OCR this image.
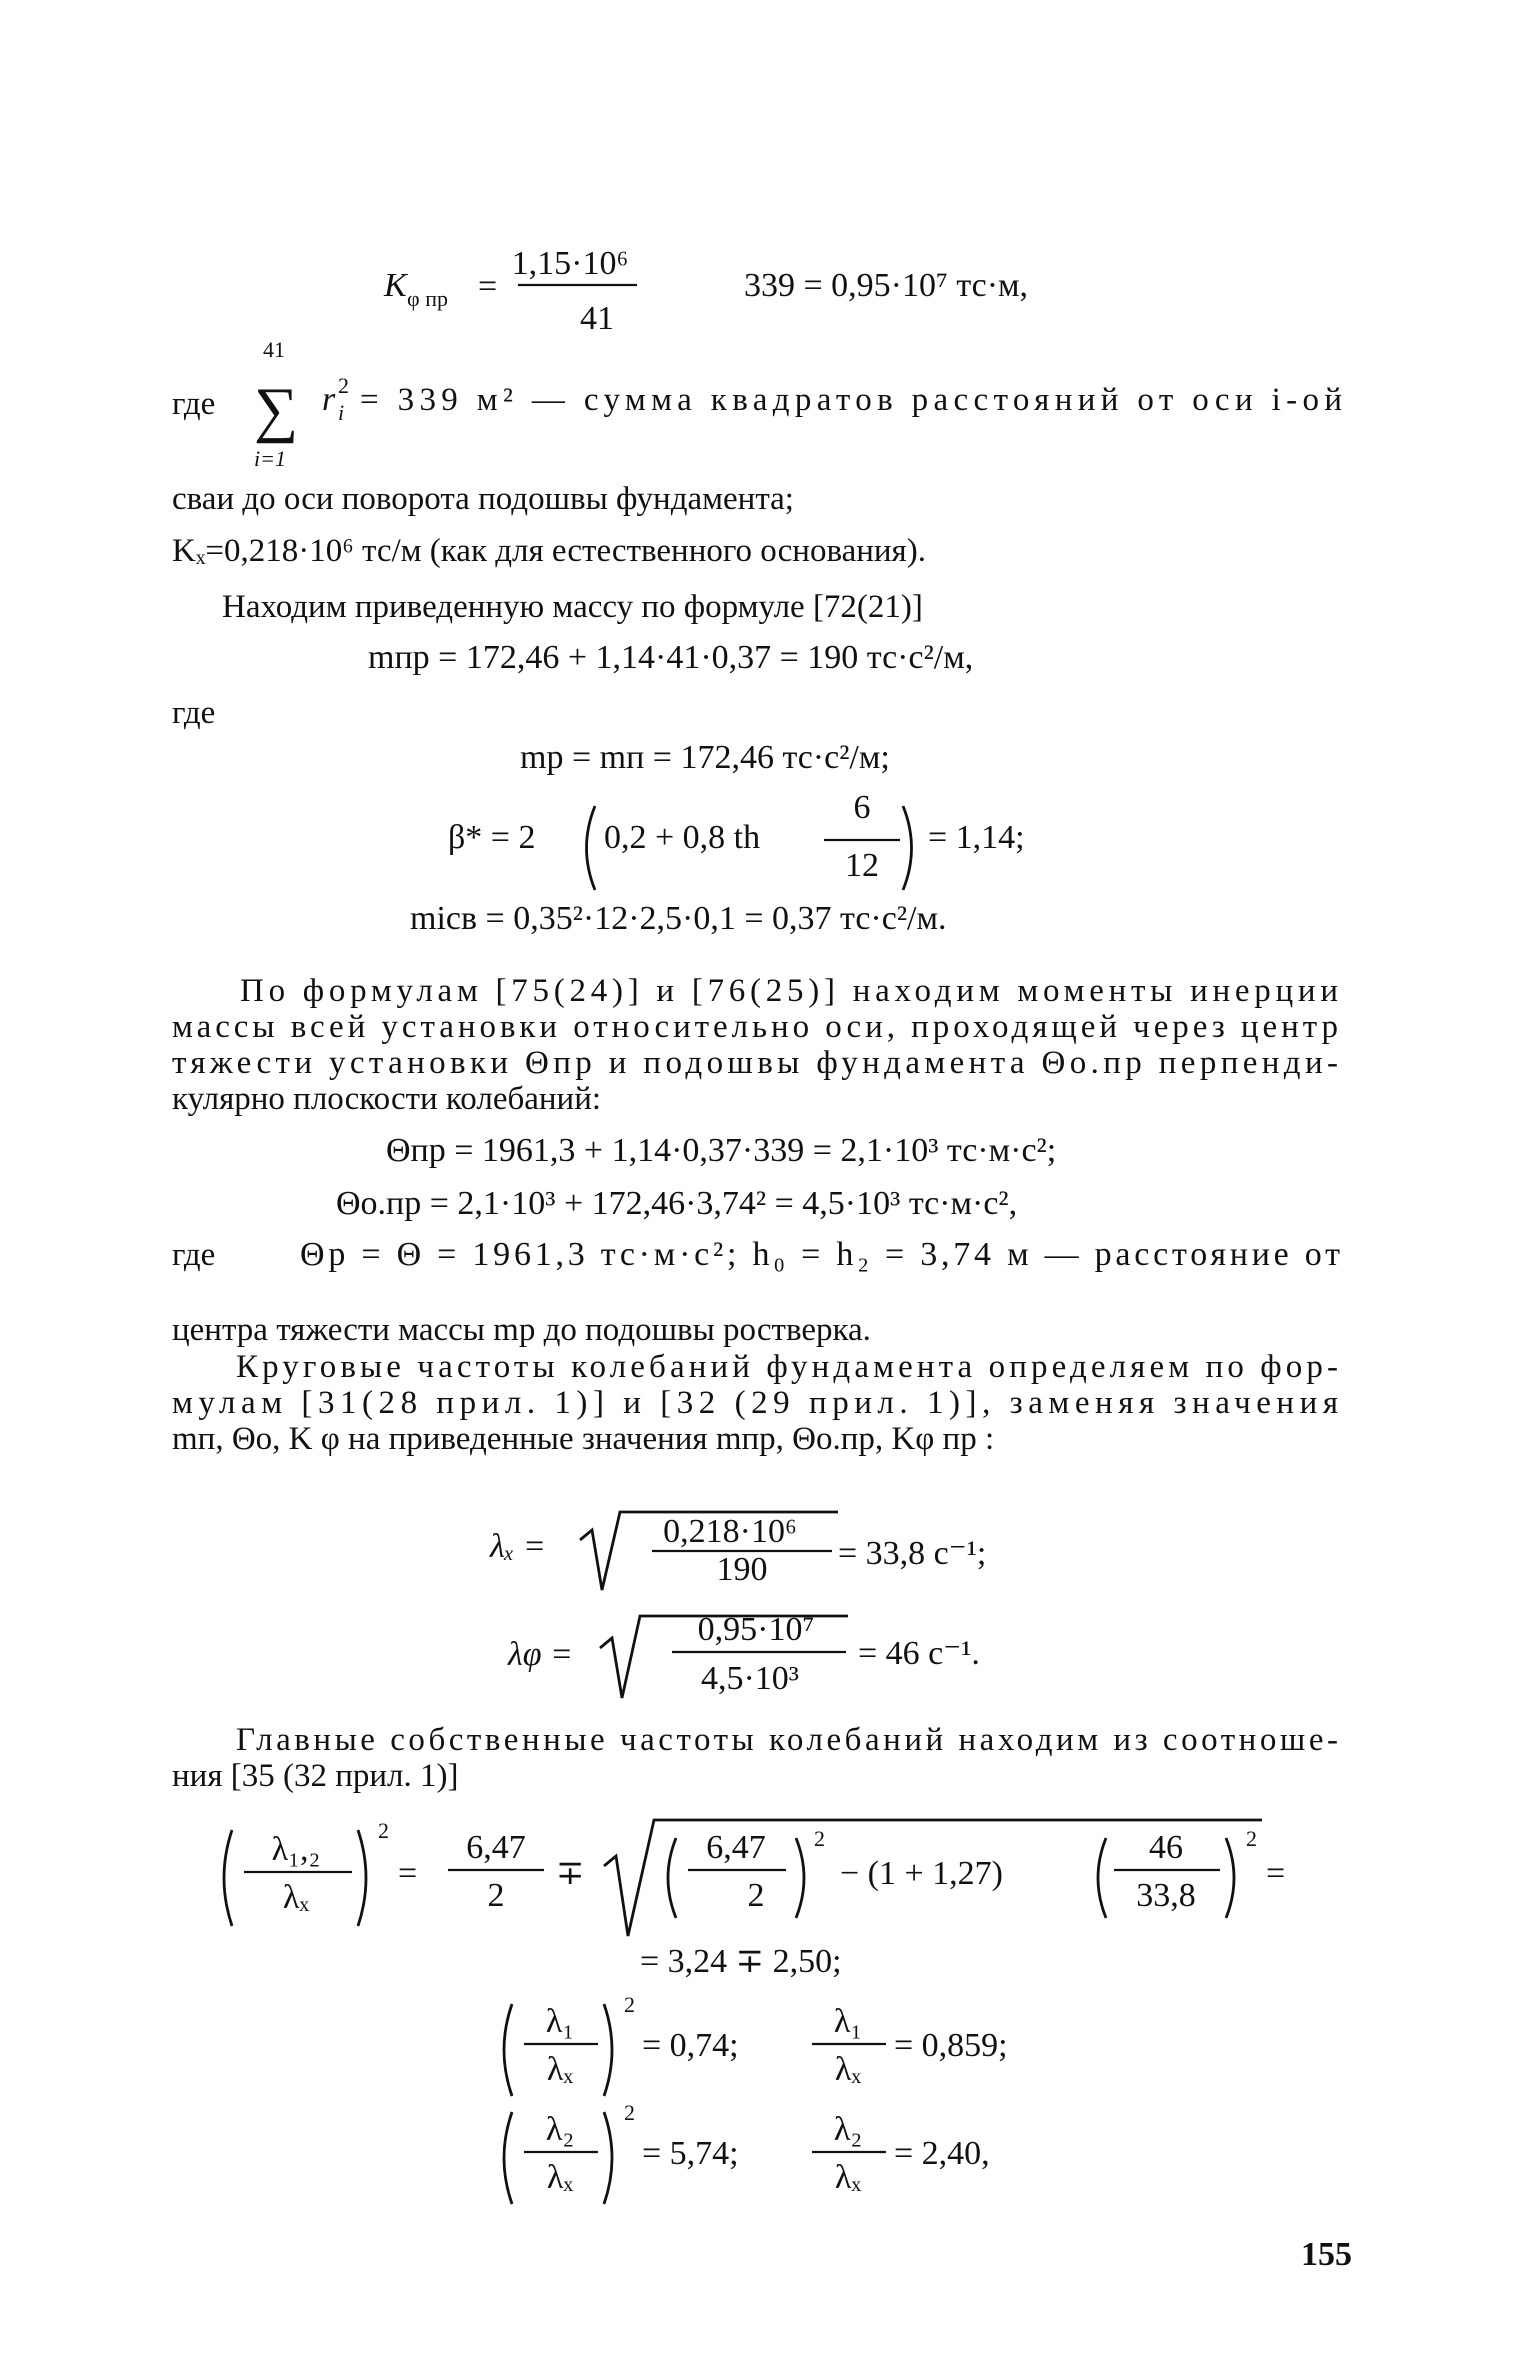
K φ пр =
1,15·10⁶
41
339 = 0,95·10⁷ тс·м,
где
41
∑
i=1
r 2
i = 339 м² — сумма квадратов расстояний от оси i-ой
сваи до оси поворота подошвы фундамента;
Kₓ=0,218·10⁶ тс/м (как для естественного основания).
Находим приведенную массу по формуле [72(21)]
mпр = 172,46 + 1,14·41·0,37 = 190 тс·с²/м,
где
mр = mп = 172,46 тс·с²/м;
β* = 2 0,2 + 0,8 th
6
12
= 1,14;
miсв = 0,35²·12·2,5·0,1 = 0,37 тс·с²/м.
По формулам [75(24)] и [76(25)] находим моменты инерции
массы всей установки относительно оси, проходящей через центр
тяжести установки Θпр и подошвы фундамента Θо.пр перпенди-
кулярно плоскости колебаний:
Θпр = 1961,3 + 1,14·0,37·339 = 2,1·10³ тс·м·с²;
Θо.пр = 2,1·10³ + 172,46·3,74² = 4,5·10³ тс·м·с²,
где Θр = Θ = 1961,3 тс·м·с²; h₀ = h₂ = 3,74 м — расстояние от
центра тяжести массы mр до подошвы ростверка.
Круговые частоты колебаний фундамента определяем по фор-
мулам [31(28 прил. 1)] и [32 (29 прил. 1)], заменяя значения
mп, Θо, K φ на приведенные значения mпр, Θо.пр, Kφ пр :
λₓ =	0,218·10⁶
190 = 33,8 с⁻¹;
λφ =
0,95·10⁷
4,5·10³
= 46 с⁻¹.
Главные собственные частоты колебаний находим из соотноше-
ния [35 (32 прил. 1)]
λ₁,₂
λₓ
2
=
6,47
2
∓
6,47
2
2
− (1 + 1,27)
46
33,8
2
=
= 3,24 ∓ 2,50;
λ₁
λₓ
2
= 0,74;
λ₁
λₓ
= 0,859;
λ₂
λₓ
2
= 5,74;
λ₂
λₓ
= 2,40,
155
